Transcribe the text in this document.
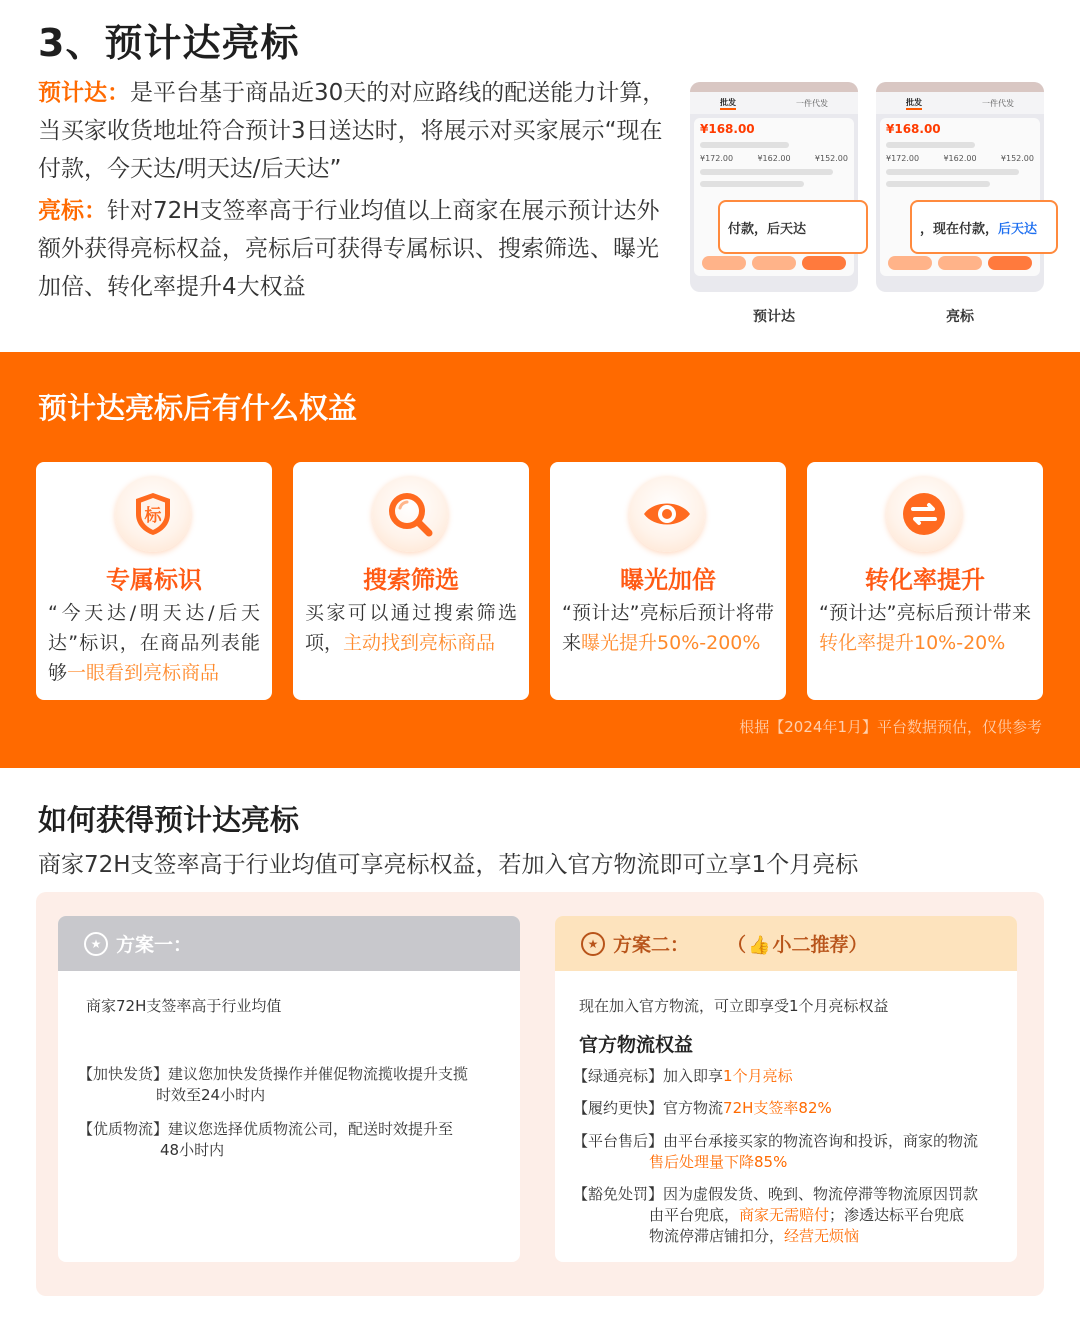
3、预计达亮标

预计达：是平台基于商品近30天的对应路线的配送能力计算，当买家收货地址符合预计3日送达时，将展示对买家展示“现在付款，今天达/明天达/后天达”

亮标：针对72H支签率高于行业均值以上商家在展示预计达外额外获得亮标权益，亮标后可获得专属标识、搜索筛选、曝光加倍、转化率提升4大权益

批发	一件代发
¥168.00
¥172.00	¥162.00	¥152.00
付款，后天达
预计达
批发	一件代发
¥168.00
¥172.00	¥162.00	¥152.00
，现在付款， 后天达
亮标
预计达亮标后有什么权益
标
专属标识
“今天达/明天达/后天达”标识，在商品列表能够一眼看到亮标商品
搜索筛选
买家可以通过搜索筛选项，主动找到亮标商品
曝光加倍
“预计达”亮标后预计将带来曝光提升50%-200%
转化率提升
“预计达”亮标后预计带来转化率提升10%-20%
根据【2024年1月】平台数据预估，仅供参考
如何获得预计达亮标
商家72H支签率高于行业均值可享亮标权益，若加入官方物流即可立享1个月亮标
★ 方案一：
商家72H支签率高于行业均值
【加快发货】建议您加快发货操作并催促物流揽收提升支揽
时效至24小时内
【优质物流】建议您选择优质物流公司，配送时效提升至
48小时内
★ 方案二： （ 👍 小二推荐）
现在加入官方物流，可立即享受1个月亮标权益
官方物流权益
【绿通亮标】加入即享1个月亮标
【履约更快】官方物流72H支签率82%
【平台售后】由平台承接买家的物流咨询和投诉，商家的物流
售后处理量下降85%
【豁免处罚】因为虚假发货、晚到、物流停滞等物流原因罚款
由平台兜底，商家无需赔付；渗透达标平台兜底
物流停滞店铺扣分，经营无烦恼
